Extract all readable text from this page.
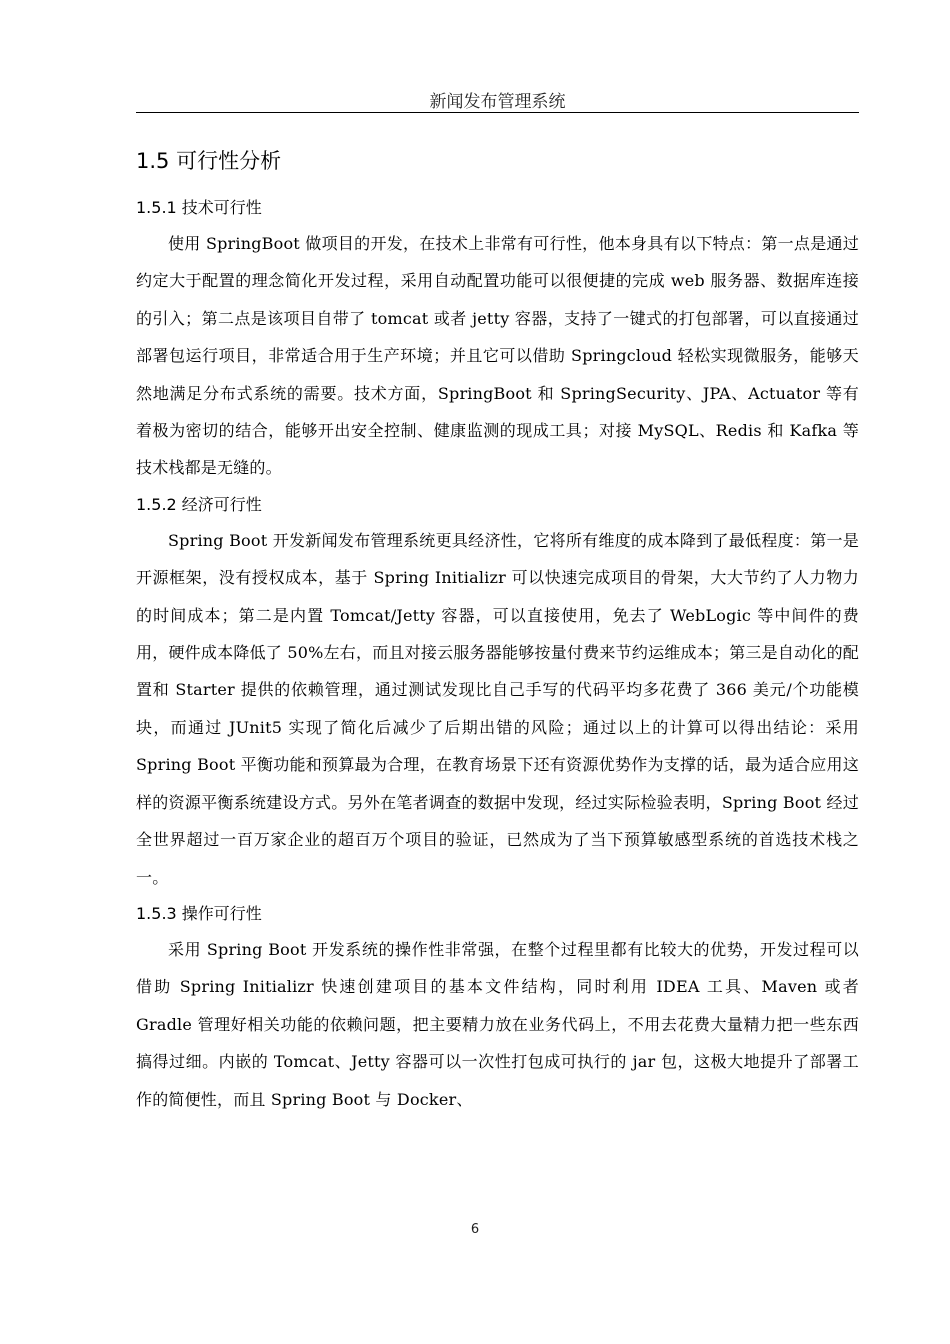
新闻发布管理系统
1.5 可行性分析
1.5.1 技术可行性

使用 SpringBoot 做项目的开发，在技术上非常有可行性，他本身具有以下特点：第一点是通过约定大于配置的理念简化开发过程，采用自动配置功能可以很便捷的完成 web 服务器、数据库连接的引入；第二点是该项目自带了 tomcat 或者 jetty 容器，支持了一键式的打包部署，可以直接通过部署包运行项目，非常适合用于生产环境；并且它可以借助 Springcloud 轻松实现微服务，能够天然地满足分布式系统的需要。技术方面，SpringBoot 和 SpringSecurity、JPA、Actuator 等有着极为密切的结合，能够开出安全控制、健康监测的现成工具；对接 MySQL、Redis 和 Kafka 等技术栈都是无缝的。

1.5.2 经济可行性

Spring Boot 开发新闻发布管理系统更具经济性，它将所有维度的成本降到了最低程度：第一是开源框架，没有授权成本，基于 Spring Initializr 可以快速完成项目的骨架，大大节约了人力物力的时间成本；第二是内置 Tomcat/Jetty 容器，可以直接使用，免去了 WebLogic 等中间件的费用，硬件成本降低了 50%左右，而且对接云服务器能够按量付费来节约运维成本；第三是自动化的配置和 Starter 提供的依赖管理，通过测试发现比自己手写的代码平均多花费了 366 美元/个功能模块，而通过 JUnit5 实现了简化后减少了后期出错的风险；通过以上的计算可以得出结论：采用 Spring Boot 平衡功能和预算最为合理，在教育场景下还有资源优势作为支撑的话，最为适合应用这样的资源平衡系统建设方式。另外在笔者调查的数据中发现，经过实际检验表明，Spring Boot 经过全世界超过一百万家企业的超百万个项目的验证，已然成为了当下预算敏感型系统的首选技术栈之一。

1.5.3 操作可行性

采用 Spring Boot 开发系统的操作性非常强，在整个过程里都有比较大的优势，开发过程可以借助 Spring Initializr 快速创建项目的基本文件结构，同时利用 IDEA 工具、Maven 或者 Gradle 管理好相关功能的依赖问题，把主要精力放在业务代码上，不用去花费大量精力把一些东西搞得过细。内嵌的 Tomcat、Jetty 容器可以一次性打包成可执行的 jar 包，这极大地提升了部署工作的简便性，而且 Spring Boot 与 Docker、

6
